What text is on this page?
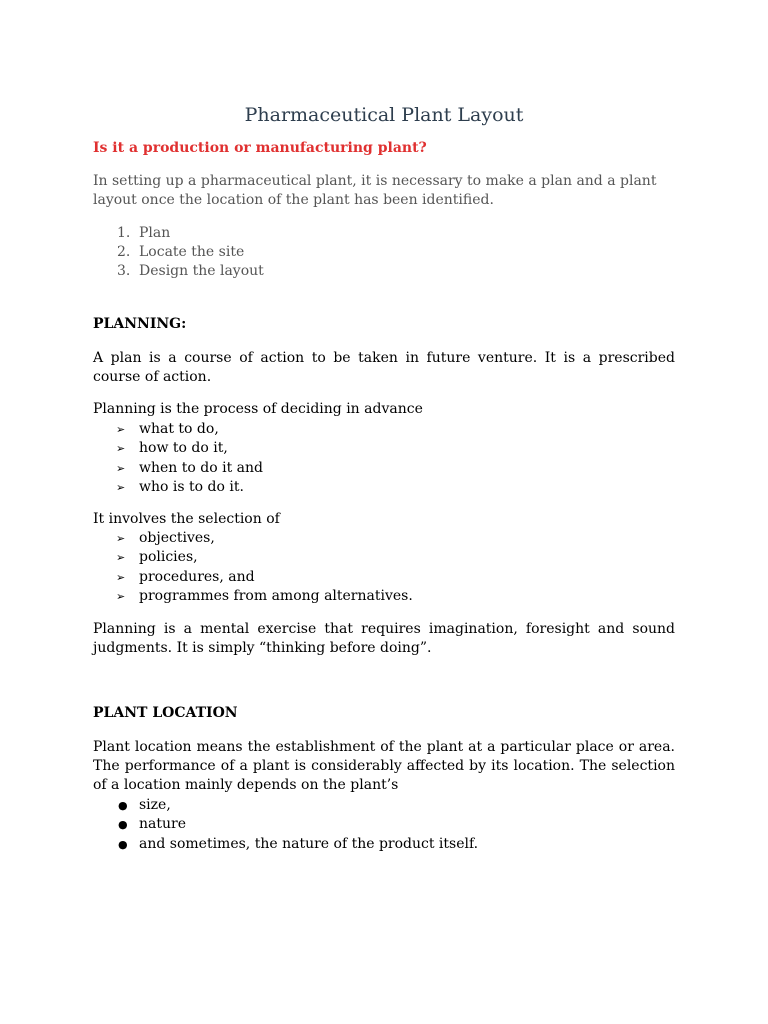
Pharmaceutical Plant Layout

Is it a production or manufacturing plant?

In setting up a pharmaceutical plant, it is necessary to make a plan and a plant layout once the location of the plant has been identified.

1. Plan
2. Locate the site
3. Design the layout
PLANNING:

A plan is a course of action to be taken in future venture. It is a prescribed course of action.

Planning is the process of deciding in advance

➢ what to do,
➢ how to do it,
➢ when to do it and
➢ who is to do it.

It involves the selection of

➢ objectives,
➢ policies,
➢ procedures, and
➢ programmes from among alternatives.

Planning is a mental exercise that requires imagination, foresight and sound judgments. It is simply “thinking before doing”.

PLANT LOCATION

Plant location means the establishment of the plant at a particular place or area. The performance of a plant is considerably affected by its location. The selection of a location mainly depends on the plant’s

● size,
● nature
● and sometimes, the nature of the product itself.
